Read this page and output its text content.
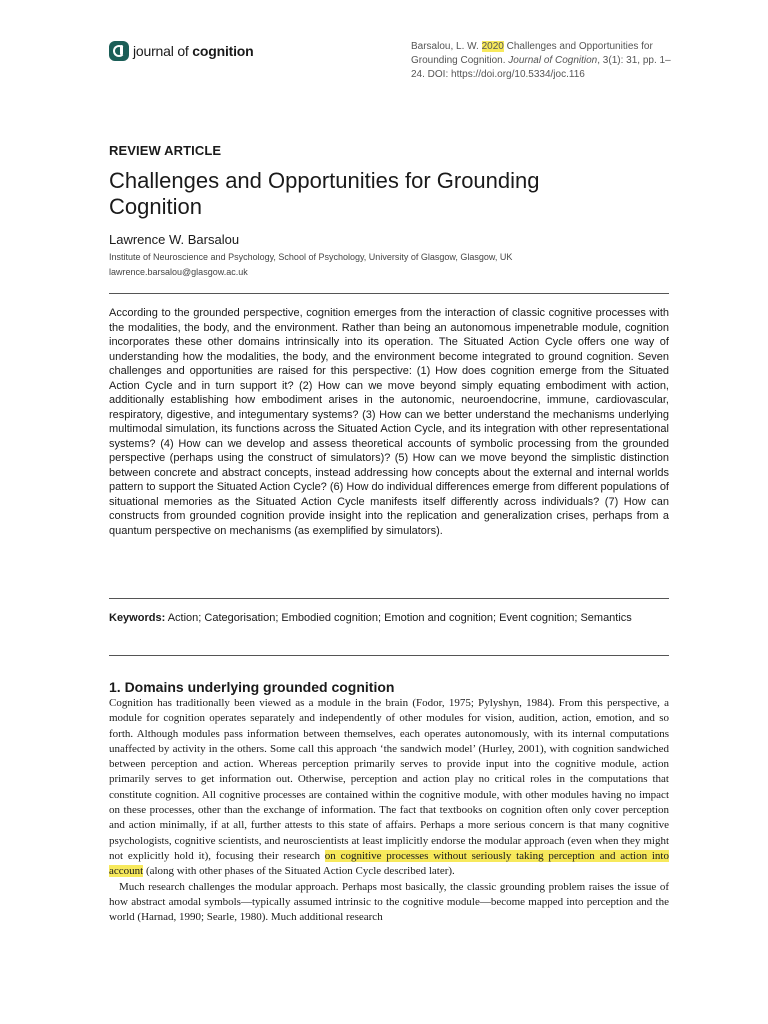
journal of cognition	Barsalou, L. W. 2020 Challenges and Opportunities for Grounding Cognition. Journal of Cognition, 3(1): 31, pp. 1–24. DOI: https://doi.org/10.5334/joc.116
REVIEW ARTICLE
Challenges and Opportunities for Grounding Cognition
Lawrence W. Barsalou
Institute of Neuroscience and Psychology, School of Psychology, University of Glasgow, Glasgow, UK
lawrence.barsalou@glasgow.ac.uk
According to the grounded perspective, cognition emerges from the interaction of classic cognitive processes with the modalities, the body, and the environment. Rather than being an autonomous impenetrable module, cognition incorporates these other domains intrinsically into its operation. The Situated Action Cycle offers one way of understanding how the modalities, the body, and the environment become integrated to ground cognition. Seven challenges and opportunities are raised for this perspective: (1) How does cognition emerge from the Situated Action Cycle and in turn support it? (2) How can we move beyond simply equating embodiment with action, additionally establishing how embodiment arises in the autonomic, neuroendocrine, immune, cardiovascular, respiratory, digestive, and integumentary systems? (3) How can we better understand the mechanisms underlying multimodal simulation, its functions across the Situated Action Cycle, and its integration with other representational systems? (4) How can we develop and assess theoretical accounts of symbolic processing from the grounded perspective (perhaps using the construct of simulators)? (5) How can we move beyond the simplistic distinction between concrete and abstract concepts, instead addressing how concepts about the external and internal worlds pattern to support the Situated Action Cycle? (6) How do individual differences emerge from different populations of situational memories as the Situated Action Cycle manifests itself differently across individuals? (7) How can constructs from grounded cognition provide insight into the replication and generalization crises, perhaps from a quantum perspective on mechanisms (as exemplified by simulators).
Keywords: Action; Categorisation; Embodied cognition; Emotion and cognition; Event cognition; Semantics
1. Domains underlying grounded cognition

Cognition has traditionally been viewed as a module in the brain (Fodor, 1975; Pylyshyn, 1984). From this perspective, a module for cognition operates separately and independently of other modules for vision, audition, action, emotion, and so forth. Although modules pass information between themselves, each operates autonomously, with its internal computations unaffected by activity in the others. Some call this approach ‘the sandwich model’ (Hurley, 2001), with cognition sandwiched between perception and action. Whereas perception primarily serves to provide input into the cognitive module, action primarily serves to get information out. Otherwise, perception and action play no critical roles in the computations that constitute cognition. All cognitive processes are contained within the cognitive module, with other modules having no impact on these processes, other than the exchange of information. The fact that textbooks on cognition often only cover perception and action minimally, if at all, further attests to this state of affairs. Perhaps a more serious concern is that many cognitive psychologists, cognitive scientists, and neuroscientists at least implicitly endorse the modular approach (even when they might not explicitly hold it), focusing their research on cognitive processes without seriously taking perception and action into account (along with other phases of the Situated Action Cycle described later).

Much research challenges the modular approach. Perhaps most basically, the classic grounding problem raises the issue of how abstract amodal symbols—typically assumed intrinsic to the cognitive module—become mapped into perception and the world (Harnad, 1990; Searle, 1980). Much additional research
